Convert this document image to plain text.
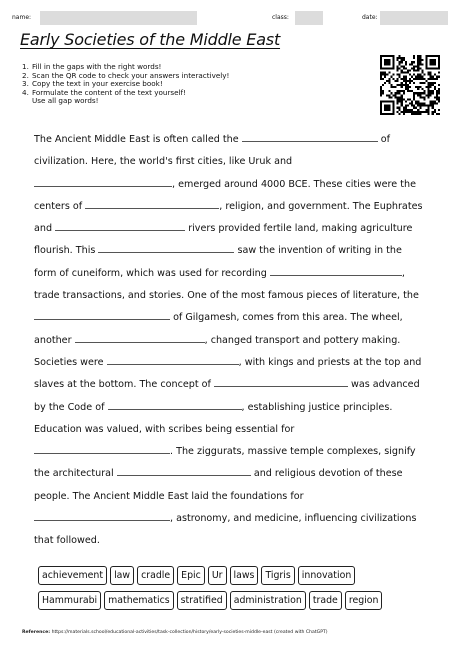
name:	class:	date:
Early Societies of the Middle East
1. Fill in the gaps with the right words!
2. Scan the QR code to check your answers interactively!
3. Copy the text in your exercise book!
4. Formulate the content of the text yourself!
Use all gap words!
The Ancient Middle East is often called the	of
civilization. Here, the world's first cities, like Uruk and
, emerged around 4000 BCE. These cities were the
centers of	, religion, and government. The Euphrates
and	rivers provided fertile land, making agriculture
flourish. This	saw the invention of writing in the
form of cuneiform, which was used for recording	,
trade transactions, and stories. One of the most famous pieces of literature, the
of Gilgamesh, comes from this area. The wheel,
another	, changed transport and pottery making.
Societies were	, with kings and priests at the top and
slaves at the bottom. The concept of	was advanced
by the Code of	, establishing justice principles.
Education was valued, with scribes being essential for
. The ziggurats, massive temple complexes, signify
the architectural	and religious devotion of these
people. The Ancient Middle East laid the foundations for
, astronomy, and medicine, influencing civilizations
that followed.
achievement	law	cradle	Epic	Ur	laws	Tigris	innovation
Hammurabi	mathematics	stratified	administration	trade	region
Reference: https://materials.school/educational-activities/task-collection/history/early-societies-middle-east (created with ChatGPT)
